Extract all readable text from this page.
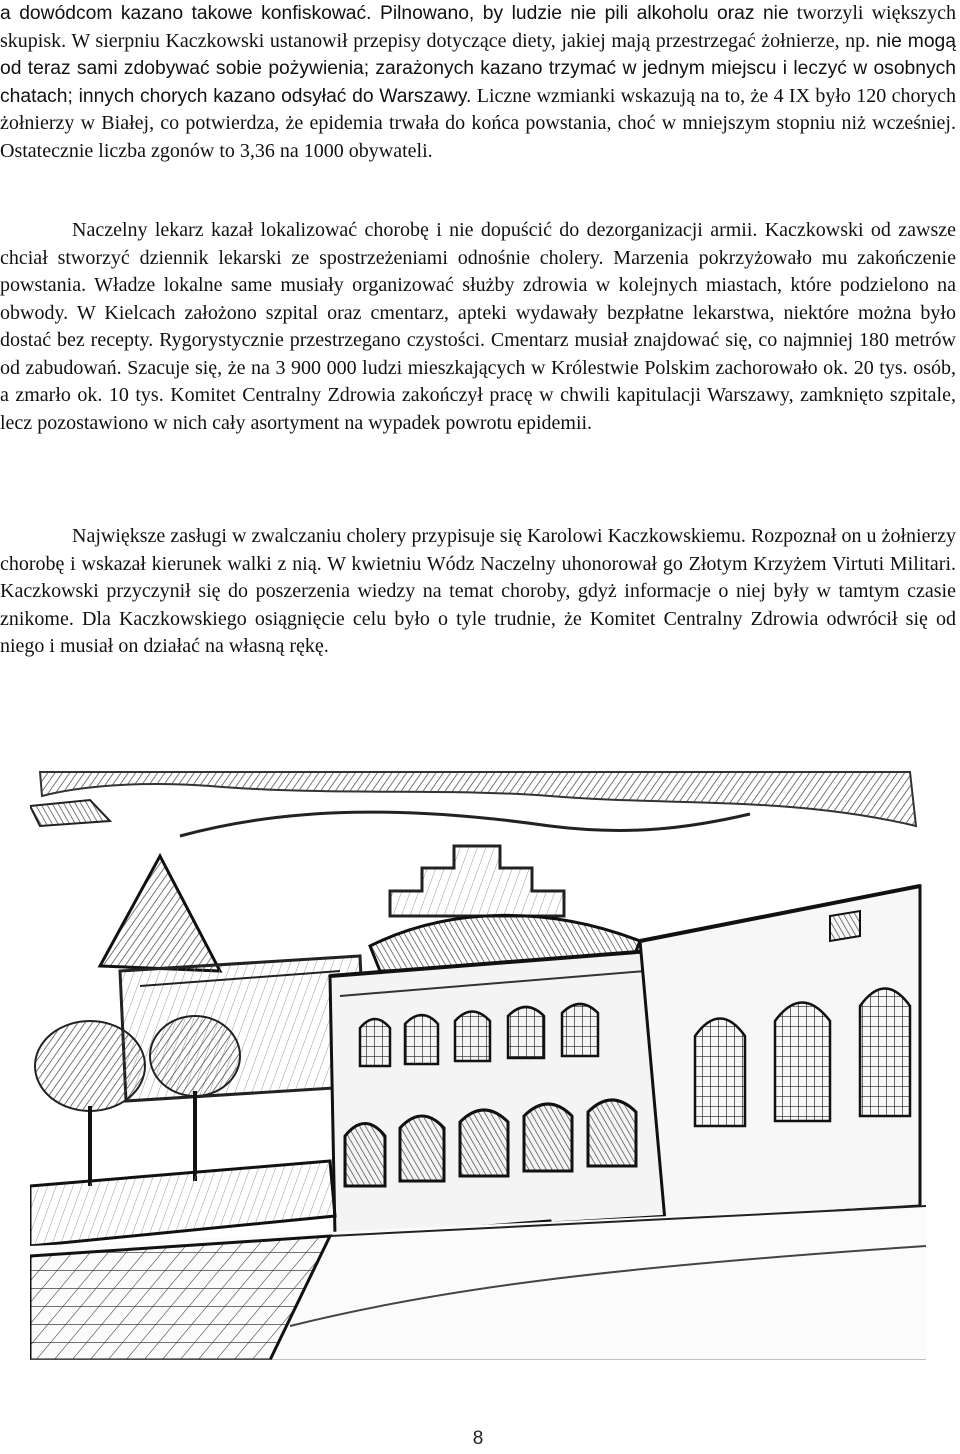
a dowódcom kazano takowe konfiskować. Pilnowano, by ludzie nie pili alkoholu oraz nie tworzyli większych skupisk. W sierpniu Kaczkowski ustanowił przepisy dotyczące diety, jakiej mają przestrzegać żołnierze, np. nie mogą od teraz sami zdobywać sobie pożywienia; zarażonych kazano trzymać w jednym miejscu i leczyć w osobnych chatach; innych chorych kazano odsyłać do Warszawy. Liczne wzmianki wskazują na to, że 4 IX było 120 chorych żołnierzy w Białej, co potwierdza, że epidemia trwała do końca powstania, choć w mniejszym stopniu niż wcześniej. Ostatecznie liczba zgonów to 3,36 na 1000 obywateli.

Naczelny lekarz kazał lokalizować chorobę i nie dopuścić do dezorganizacji armii. Kaczkowski od zawsze chciał stworzyć dziennik lekarski ze spostrzeżeniami odnośnie cholery. Marzenia pokrzyżowało mu zakończenie powstania. Władze lokalne same musiały organizować służby zdrowia w kolejnych miastach, które podzielono na obwody. W Kielcach założono szpital oraz cmentarz, apteki wydawały bezpłatne lekarstwa, niektóre można było dostać bez recepty. Rygorystycznie przestrzegano czystości. Cmentarz musiał znajdować się, co najmniej 180 metrów od zabudowań. Szacuje się, że na 3 900 000 ludzi mieszkających w Królestwie Polskim zachorowało ok. 20 tys. osób, a zmarło ok. 10 tys. Komitet Centralny Zdrowia zakończył pracę w chwili kapitulacji Warszawy, zamknięto szpitale, lecz pozostawiono w nich cały asortyment na wypadek powrotu epidemii.

Największe zasługi w zwalczaniu cholery przypisuje się Karolowi Kaczkowskiemu. Rozpoznał on u żołnierzy chorobę i wskazał kierunek walki z nią. W kwietniu Wódz Naczelny uhonorował go Złotym Krzyżem Virtuti Militari. Kaczkowski przyczynił się do poszerzenia wiedzy na temat choroby, gdyż informacje o niej były w tamtym czasie znikome. Dla Kaczkowskiego osiągnięcie celu było o tyle trudnie, że Komitet Centralny Zdrowia odwrócił się od niego i musiał on działać na własną rękę.

8
